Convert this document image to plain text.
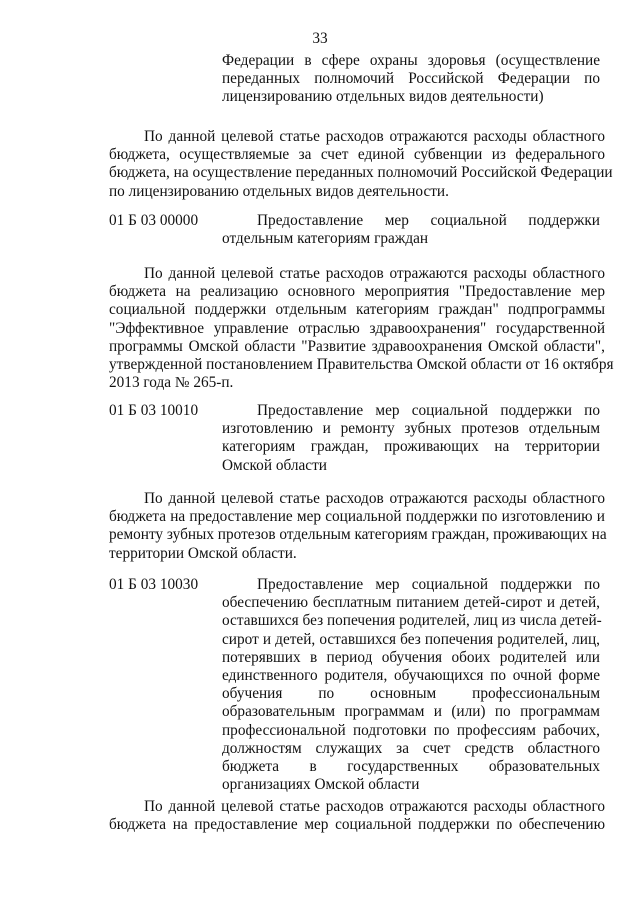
33
Федерации в сфере охраны здоровья (осуществление
переданных полномочий Российской Федерации по
лицензированию отдельных видов деятельности)
По данной целевой статье расходов отражаются расходы областного
бюджета, осуществляемые за счет единой субвенции из федерального
бюджета, на осуществление переданных полномочий Российской Федерации
по лицензированию отдельных видов деятельности.
01 Б 03 00000	Предоставление мер социальной поддержки
отдельным категориям граждан
По данной целевой статье расходов отражаются расходы областного
бюджета на реализацию основного мероприятия "Предоставление мер
социальной поддержки отдельным категориям граждан" подпрограммы
"Эффективное управление отраслью здравоохранения" государственной
программы Омской области "Развитие здравоохранения Омской области",
утвержденной постановлением Правительства Омской области от 16 октября
2013 года № 265-п.
01 Б 03 10010	Предоставление мер социальной поддержки по
изготовлению и ремонту зубных протезов отдельным
категориям граждан, проживающих на территории
Омской области
По данной целевой статье расходов отражаются расходы областного
бюджета на предоставление мер социальной поддержки по изготовлению и
ремонту зубных протезов отдельным категориям граждан, проживающих на
территории Омской области.
01 Б 03 10030	Предоставление мер социальной поддержки по
обеспечению бесплатным питанием детей-сирот и детей,
оставшихся без попечения родителей, лиц из числа детей-
сирот и детей, оставшихся без попечения родителей, лиц,
потерявших в период обучения обоих родителей или
единственного родителя, обучающихся по очной форме
обучения по основным профессиональным
образовательным программам и (или) по программам
профессиональной подготовки по профессиям рабочих,
должностям служащих за счет средств областного
бюджета в государственных образовательных
организациях Омской области
По данной целевой статье расходов отражаются расходы областного
бюджета на предоставление мер социальной поддержки по обеспечению
